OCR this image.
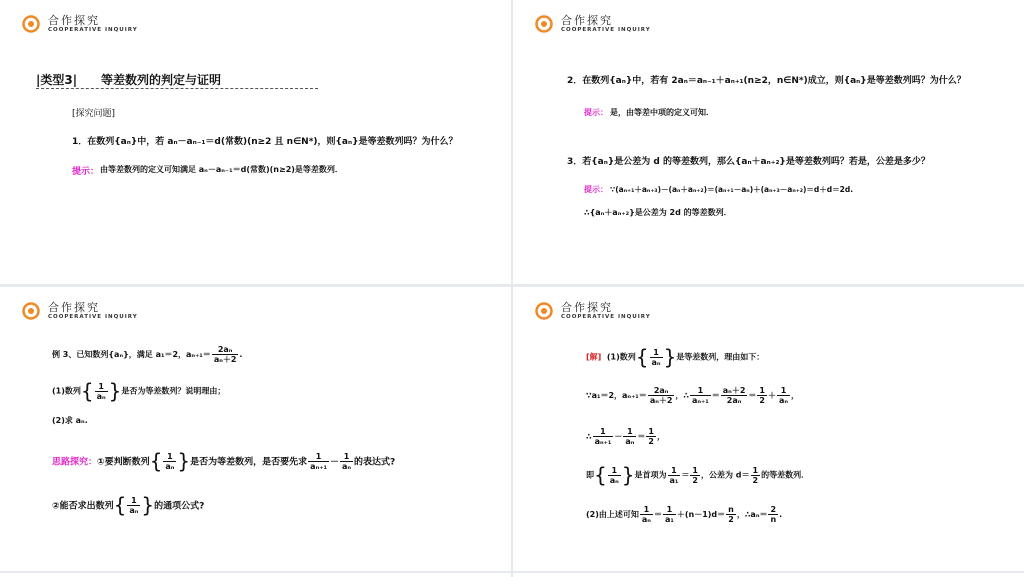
合作探究
COOPERATIVE INQUIRY
|类型3| 等差数列的判定与证明
[探究问题]
1．在数列{aₙ}中，若 aₙ－aₙ₋₁＝d(常数)(n≥2 且 n∈N*)，则{aₙ}是等差数列吗？为什么？
提示： 由等差数列的定义可知满足 aₙ－aₙ₋₁＝d(常数)(n≥2)是等差数列．
合作探究
COOPERATIVE INQUIRY
2．在数列{aₙ}中，若有 2aₙ＝aₙ₋₁＋aₙ₊₁(n≥2，n∈N*)成立，则{aₙ}是等差数列吗？为什么？
提示： 是，由等差中项的定义可知．
3．若{aₙ}是公差为 d 的等差数列，那么{aₙ＋aₙ₊₂}是等差数列吗？若是，公差是多少？
提示： ∵(aₙ₊₁＋aₙ₊₃)－(aₙ＋aₙ₊₂)＝(aₙ₊₁－aₙ)＋(aₙ₊₃－aₙ₊₂)＝d＋d＝2d.
∴{aₙ＋aₙ₊₂}是公差为 2d 的等差数列．
合作探究
COOPERATIVE INQUIRY
例 3、已知数列{aₙ}，满足 a₁＝2，$a_{n+1}= \frac{\text{2aₙ}}{\text{aₙ＋2}}$ .
(1)数列{ $\frac{1}{\text{aₙ}}$ }是否为等差数列？说明理由；
(2)求 aₙ.
思路探究：①要判断数列{ $\frac{1}{\text{aₙ}}$ }是否为等差数列，是否要先求 $\frac{1}{\text{aₙ₊₁}} - \frac{1}{\text{aₙ}}$ 的表达式?
②能否求出数列{ $\frac{1}{\text{aₙ}}$ }的通项公式?
合作探究
COOPERATIVE INQUIRY
[解] (1)数列{ $\frac{1}{\text{aₙ}}$ }是等差数列，理由如下：
∵a₁＝2，$a_{n+1}= \frac{\text{2aₙ}}{\text{aₙ＋2}}$ ，∴ $\frac{1}{\text{aₙ₊₁}} = \frac{\text{aₙ＋2}}{\text{2aₙ}} = \frac{1}{2} + \frac{1}{\text{aₙ}}$ ，
∴ $\frac{1}{\text{aₙ₊₁}} - \frac{1}{\text{aₙ}} = \frac{1}{2}$ ，
即{ $\frac{1}{\text{aₙ}}$ }是首项为 $\frac{1}{\text{a₁}} = \frac{1}{2}$ ，公差为 $d= \frac{1}{2}$ 的等差数列．
(2)由上述可知 $\frac{1}{\text{aₙ}} = \frac{1}{\text{a₁}} +(n-1)d= \frac{n}{2}$ ，∴aₙ＝ $\frac{2}{n}$ .
